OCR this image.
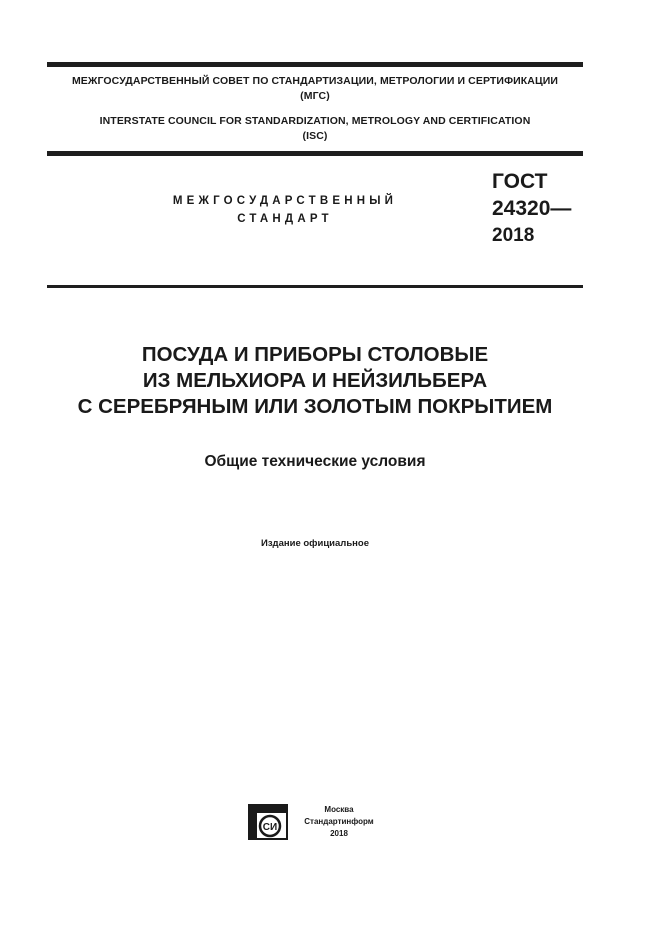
МЕЖГОСУДАРСТВЕННЫЙ СОВЕТ ПО СТАНДАРТИЗАЦИИ, МЕТРОЛОГИИ И СЕРТИФИКАЦИИ
(МГС)
INTERSTATE COUNCIL FOR STANDARDIZATION, METROLOGY AND CERTIFICATION
(ISC)
МЕЖГОСУДАРСТВЕННЫЙ
СТАНДАРТ
ГОСТ
24320—
2018
ПОСУДА И ПРИБОРЫ СТОЛОВЫЕ
ИЗ МЕЛЬХИОРА И НЕЙЗИЛЬБЕРА
С СЕРЕБРЯНЫМ ИЛИ ЗОЛОТЫМ ПОКРЫТИЕМ
Общие технические условия
Издание официальное
СИ
Москва
Стандартинформ
2018
